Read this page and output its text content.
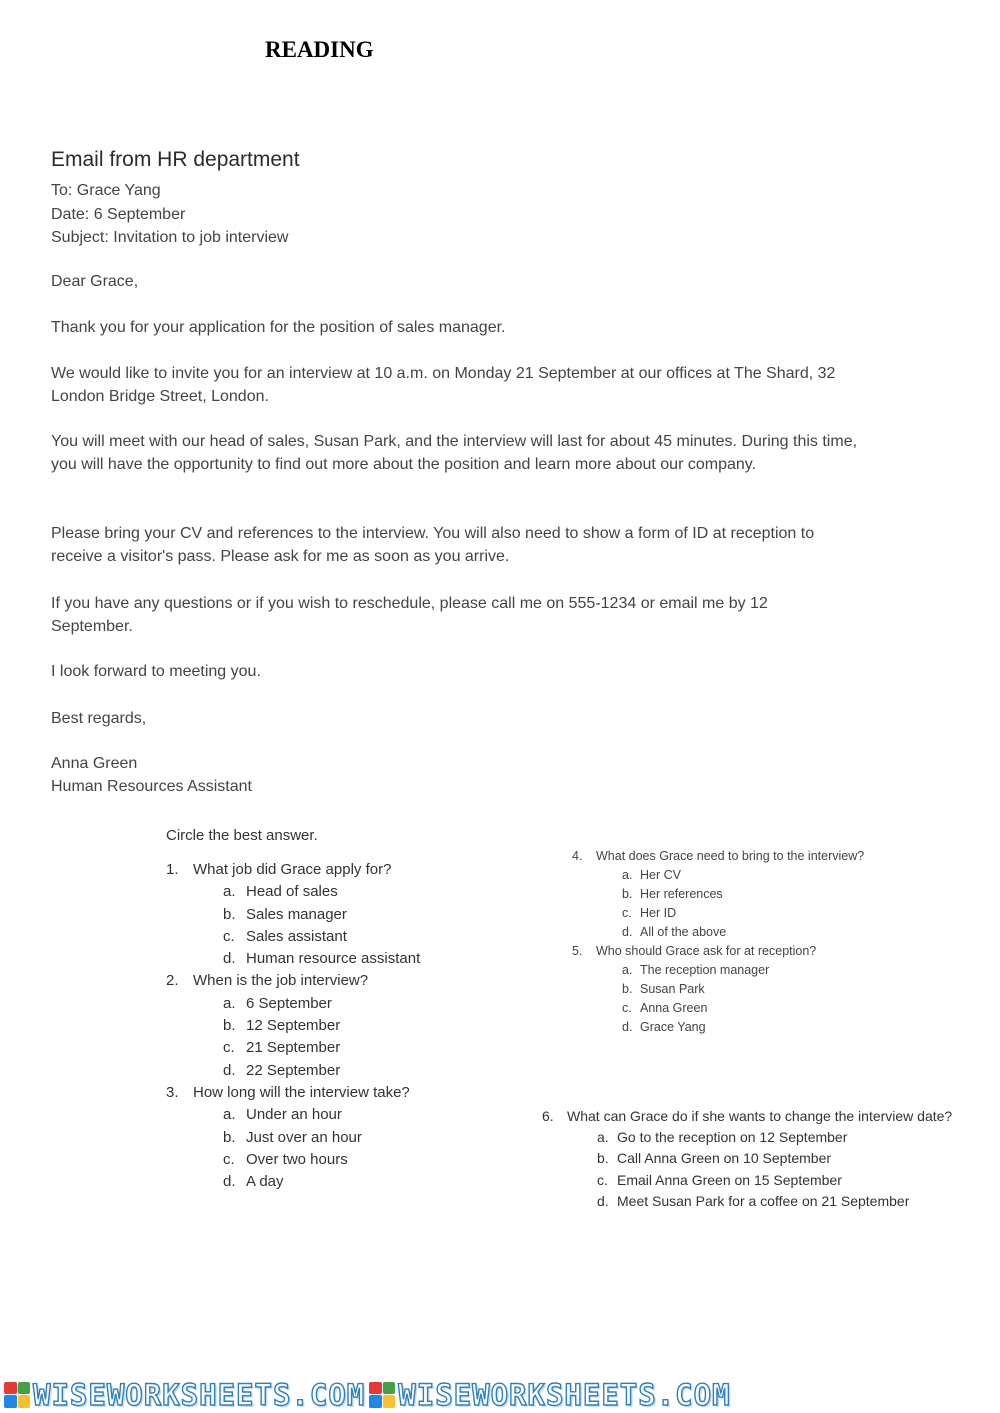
READING
Email from HR department
To: Grace Yang
Date: 6 September
Subject: Invitation to job interview
Dear Grace,
Thank you for your application for the position of sales manager.
We would like to invite you for an interview at 10 a.m. on Monday 21 September at our offices at The Shard, 32 London Bridge Street, London.
You will meet with our head of sales, Susan Park, and the interview will last for about 45 minutes. During this time, you will have the opportunity to find out more about the position and learn more about our company.
Please bring your CV and references to the interview. You will also need to show a form of ID at reception to receive a visitor's pass. Please ask for me as soon as you arrive.
If you have any questions or if you wish to reschedule, please call me on 555-1234 or email me by 12 September.
I look forward to meeting you.
Best regards,
Anna Green
Human Resources Assistant
Circle the best answer.
1. What job did Grace apply for?
a. Head of sales
b. Sales manager
c. Sales assistant
d. Human resource assistant
2. When is the job interview?
a. 6 September
b. 12 September
c. 21 September
d. 22 September
3. How long will the interview take?
a. Under an hour
b. Just over an hour
c. Over two hours
d. A day
4. What does Grace need to bring to the interview?
a. Her CV
b. Her references
c. Her ID
d. All of the above
5. Who should Grace ask for at reception?
a. The reception manager
b. Susan Park
c. Anna Green
d. Grace Yang
6. What can Grace do if she wants to change the interview date?
a. Go to the reception on 12 September
b. Call Anna Green on 10 September
c. Email Anna Green on 15 September
d. Meet Susan Park for a coffee on 21 September
WISEWORKSHEETS.COM WISEWORKSHEETS.COM
